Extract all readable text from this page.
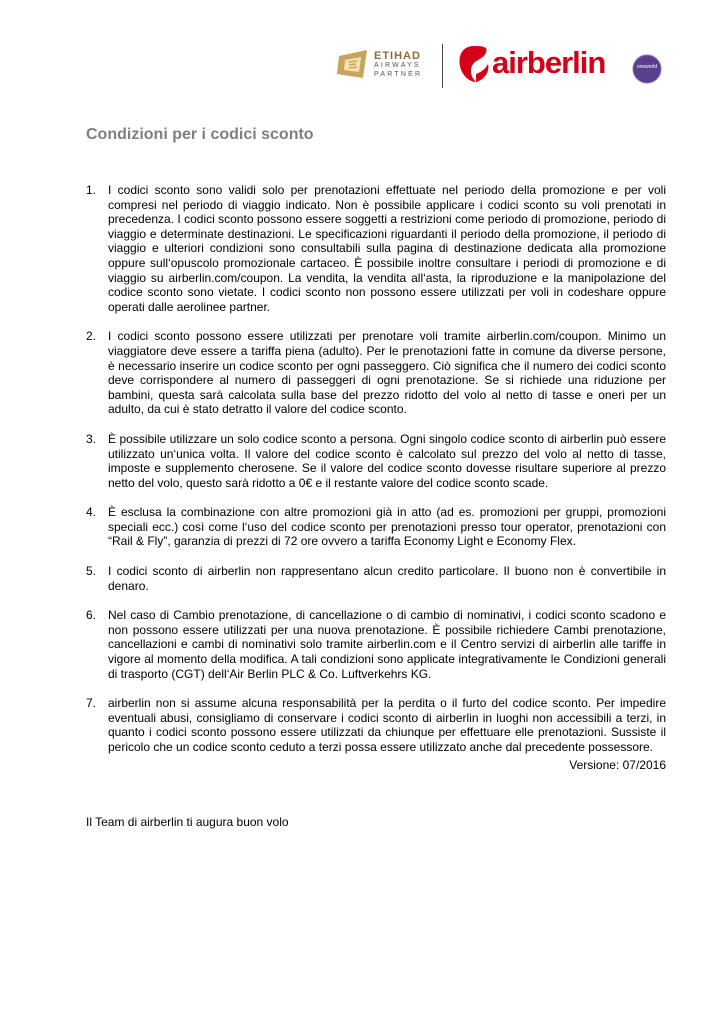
ETIHAD
AIRWAYS
PARTNER airberlin	oneworld
Condizioni per i codici sconto
1. I codici sconto sono validi solo per prenotazioni effettuate nel periodo della promozione e per voli compresi nel periodo di viaggio indicato. Non è possibile applicare i codici sconto su voli prenotati in precedenza. I codici sconto possono essere soggetti a restrizioni come periodo di promozione, periodo di viaggio e determinate destinazioni. Le specificazioni riguardanti il periodo della promozione, il periodo di viaggio e ulteriori condizioni sono consultabili sulla pagina di destinazione dedicata alla promozione oppure sull‘opuscolo promozionale cartaceo. È possibile inoltre consultare i periodi di promozione e di viaggio su airberlin.com/coupon. La vendita, la vendita all‘asta, la riproduzione e la manipolazione del codice sconto sono vietate. I codici sconto non possono essere utilizzati per voli in codeshare oppure operati dalle aerolinee partner.
2. I codici sconto possono essere utilizzati per prenotare voli tramite airberlin.com/coupon. Minimo un viaggiatore deve essere a tariffa piena (adulto). Per le prenotazioni fatte in comune da diverse persone, è necessario inserire un codice sconto per ogni passeggero. Ciò significa che il numero dei codici sconto deve corrispondere al numero di passeggeri di ogni prenotazione. Se si richiede una riduzione per bambini, questa sarà calcolata sulla base del prezzo ridotto del volo al netto di tasse e oneri per un adulto, da cui è stato detratto il valore del codice sconto.
3. È possibile utilizzare un solo codice sconto a persona. Ogni singolo codice sconto di airberlin può essere utilizzato un‘unica volta. Il valore del codice sconto è calcolato sul prezzo del volo al netto di tasse, imposte e supplemento cherosene. Se il valore del codice sconto dovesse risultare superiore al prezzo netto del volo, questo sarà ridotto a 0€ e il restante valore del codice sconto scade.
4. È esclusa la combinazione con altre promozioni già in atto (ad es. promozioni per gruppi, promozioni speciali ecc.) così come l‘uso del codice sconto per prenotazioni presso tour operator, prenotazioni con “Rail & Fly”, garanzia di prezzi di 72 ore ovvero a tariffa Economy Light e Economy Flex.
5. I codici sconto di airberlin non rappresentano alcun credito particolare. Il buono non è convertibile in denaro.
6. Nel caso di Cambio prenotazione, di cancellazione o di cambio di nominativi, i codici sconto scadono e non possono essere utilizzati per una nuova prenotazione. È possibile richiedere Cambi prenotazione, cancellazioni e cambi di nominativi solo tramite airberlin.com e il Centro servizi di airberlin alle tariffe in vigore al momento della modifica. A tali condizioni sono applicate integrativamente le Condizioni generali di trasporto (CGT) dell‘Air Berlin PLC & Co. Luftverkehrs KG.
7. airberlin non si assume alcuna responsabilità per la perdita o il furto del codice sconto. Per impedire eventuali abusi, consigliamo di conservare i codici sconto di airberlin in luoghi non accessibili a terzi, in quanto i codici sconto possono essere utilizzati da chiunque per effettuare elle prenotazioni. Sussiste il pericolo che un codice sconto ceduto a terzi possa essere utilizzato anche dal precedente possessore.
Versione: 07/2016
Il Team di airberlin ti augura buon volo
